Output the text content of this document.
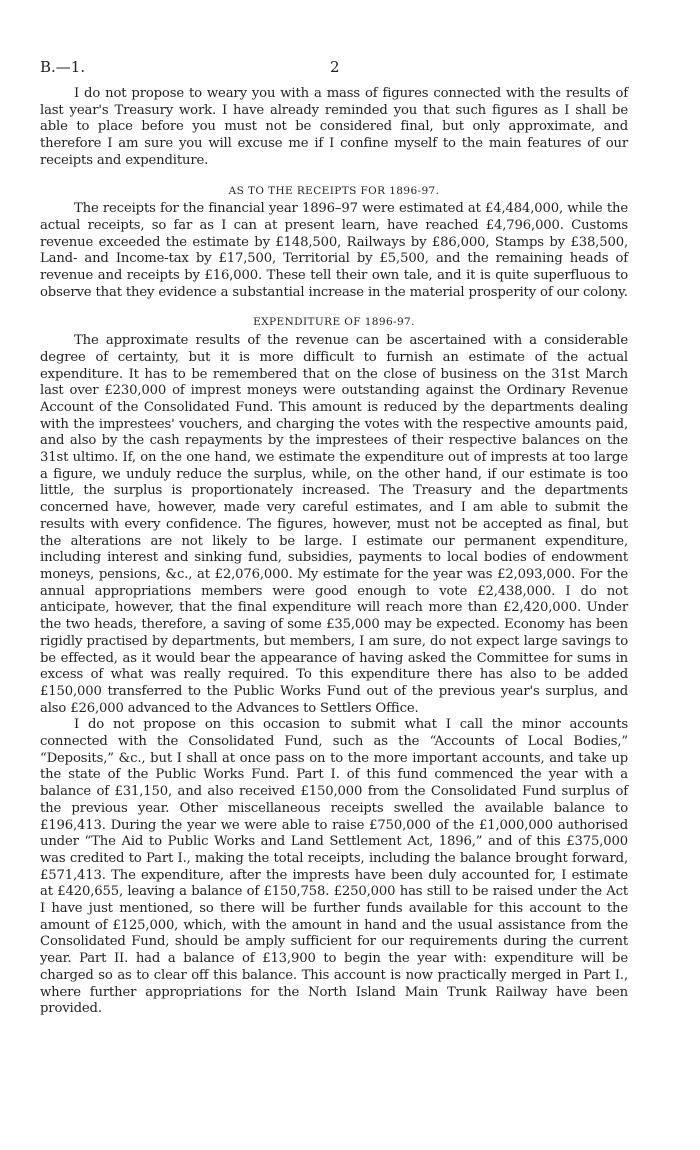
B.—1.	2

I do not propose to weary you with a mass of figures connected with the results of last year's Treasury work. I have already reminded you that such figures as I shall be able to place before you must not be considered final, but only approximate, and therefore I am sure you will excuse me if I confine myself to the main features of our receipts and expenditure.

AS TO THE RECEIPTS FOR 1896-97.

The receipts for the financial year 1896–97 were estimated at £4,484,000, while the actual receipts, so far as I can at present learn, have reached £4,796,000. Customs revenue exceeded the estimate by £148,500, Railways by £86,000, Stamps by £38,500, Land- and Income-tax by £17,500, Territorial by £5,500, and the remaining heads of revenue and receipts by £16,000. These tell their own tale, and it is quite superfluous to observe that they evidence a substantial increase in the material prosperity of our colony.

EXPENDITURE OF 1896-97.

The approximate results of the revenue can be ascertained with a considerable degree of certainty, but it is more difficult to furnish an estimate of the actual expenditure. It has to be remembered that on the close of business on the 31st March last over £230,000 of imprest moneys were outstanding against the Ordinary Revenue Account of the Consolidated Fund. This amount is reduced by the departments dealing with the imprestees' vouchers, and charging the votes with the respective amounts paid, and also by the cash repayments by the imprestees of their respective balances on the 31st ultimo. If, on the one hand, we estimate the expenditure out of imprests at too large a figure, we unduly reduce the surplus, while, on the other hand, if our estimate is too little, the surplus is proportionately increased. The Treasury and the departments concerned have, however, made very careful estimates, and I am able to submit the results with every confidence. The figures, however, must not be accepted as final, but the alterations are not likely to be large. I estimate our permanent expenditure, including interest and sinking fund, subsidies, payments to local bodies of endowment moneys, pensions, &c., at £2,076,000. My estimate for the year was £2,093,000. For the annual appropriations members were good enough to vote £2,438,000. I do not anticipate, however, that the final expenditure will reach more than £2,420,000. Under the two heads, therefore, a saving of some £35,000 may be expected. Economy has been rigidly practised by departments, but members, I am sure, do not expect large savings to be effected, as it would bear the appearance of having asked the Committee for sums in excess of what was really required. To this expenditure there has also to be added £150,000 transferred to the Public Works Fund out of the previous year's surplus, and also £26,000 advanced to the Advances to Settlers Office.

I do not propose on this occasion to submit what I call the minor accounts connected with the Consolidated Fund, such as the “Accounts of Local Bodies,” “Deposits,” &c., but I shall at once pass on to the more important accounts, and take up the state of the Public Works Fund. Part I. of this fund commenced the year with a balance of £31,150, and also received £150,000 from the Consolidated Fund surplus of the previous year. Other miscellaneous receipts swelled the available balance to £196,413. During the year we were able to raise £750,000 of the £1,000,000 authorised under “The Aid to Public Works and Land Settlement Act, 1896,” and of this £375,000 was credited to Part I., making the total receipts, including the balance brought forward, £571,413. The expenditure, after the imprests have been duly accounted for, I estimate at £420,655, leaving a balance of £150,758. £250,000 has still to be raised under the Act I have just mentioned, so there will be further funds available for this account to the amount of £125,000, which, with the amount in hand and the usual assistance from the Consolidated Fund, should be amply sufficient for our requirements during the current year. Part II. had a balance of £13,900 to begin the year with: expenditure will be charged so as to clear off this balance. This account is now practically merged in Part I., where further appropriations for the North Island Main Trunk Railway have been provided.
